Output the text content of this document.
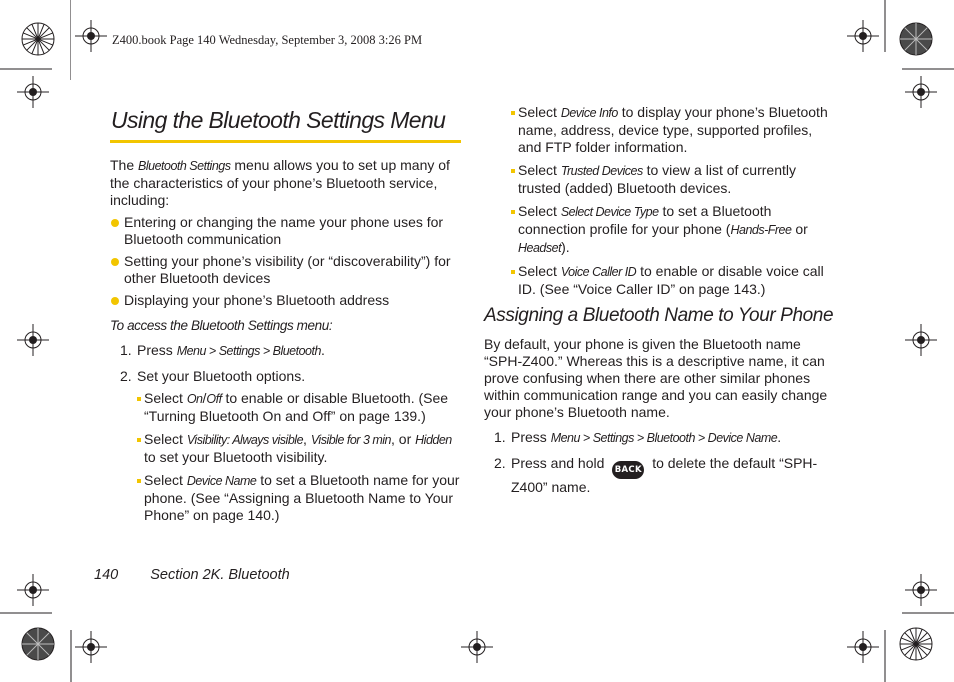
Z400.book Page 140 Wednesday, September 3, 2008 3:26 PM
Using the Bluetooth Settings Menu

The Bluetooth Settings menu allows you to set up many of the characteristics of your phone’s Bluetooth service, including:

Entering or changing the name your phone uses for Bluetooth communication
Setting your phone’s visibility (or “discoverability”) for other Bluetooth devices
Displaying your phone’s Bluetooth address

To access the Bluetooth Settings menu:

1. Press Menu > Settings > Bluetooth.
2. Set your Bluetooth options.
Select On/Off to enable or disable Bluetooth. (See “Turning Bluetooth On and Off” on page 139.)
Select Visibility: Always visible, Visible for 3 min, or Hidden to set your Bluetooth visibility.
Select Device Name to set a Bluetooth name for your phone. (See “Assigning a Bluetooth Name to Your Phone” on page 140.)
Select Device Info to display your phone’s Bluetooth name, address, device type, supported profiles, and FTP folder information.
Select Trusted Devices to view a list of currently trusted (added) Bluetooth devices.
Select Select Device Type to set a Bluetooth connection profile for your phone (Hands-Free or Headset).
Select Voice Caller ID to enable or disable voice call ID. (See “Voice Caller ID” on page 143.)
Assigning a Bluetooth Name to Your Phone

By default, your phone is given the Bluetooth name “SPH-Z400.” Whereas this is a descriptive name, it can prove confusing when there are other similar phones within communication range and you can easily change your phone’s Bluetooth name.

1. Press Menu > Settings > Bluetooth > Device Name.
2. Press and hold BACK to delete the default “SPH-Z400” name.
140 Section 2K. Bluetooth
